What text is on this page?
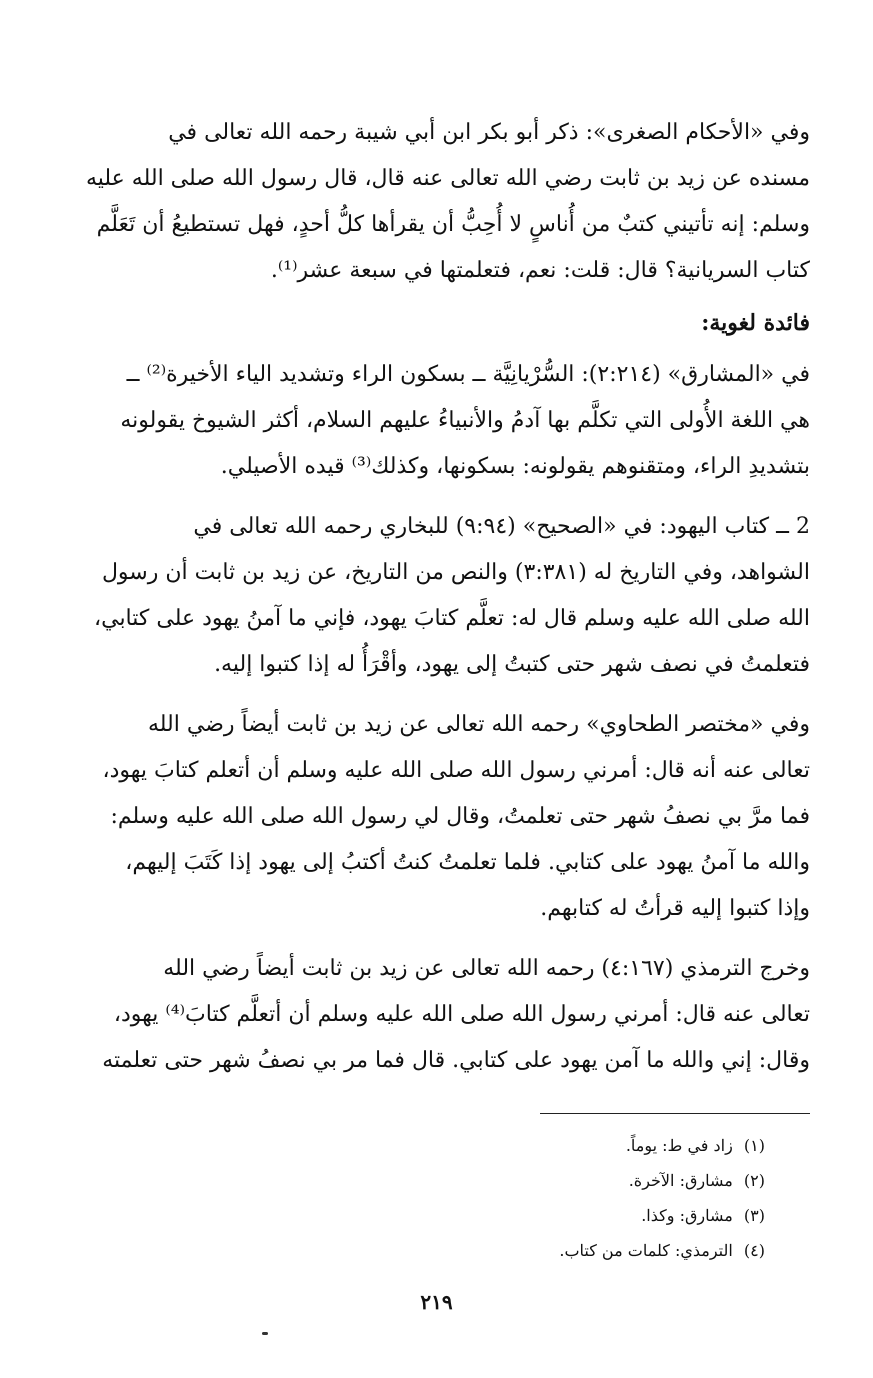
وفي «الأحكام الصغرى»: ذكر أبو بكر ابن أبي شيبة رحمه الله تعالى في
مسنده عن زيد بن ثابت رضي الله تعالى عنه قال، قال رسول الله صلى الله عليه
وسلم: إنه تأتيني كتبٌ من أُناسٍ لا أُحِبُّ أن يقرأها كلُّ أحدٍ، فهل تستطيعُ أن تَعَلَّم
كتاب السريانية؟ قال: قلت: نعم، فتعلمتها في سبعة عشر⁽¹⁾.
فائدة لغوية:
في «المشارق» (٢:٢١٤): السُّرْيانِيَّة ــ بسكون الراء وتشديد الياء الأخيرة⁽²⁾ ــ
هي اللغة الأُولى التي تكلَّم بها آدمُ والأنبياءُ عليهم السلام، أكثر الشيوخ يقولونه
بتشديدِ الراء، ومتقنوهم يقولونه: بسكونها، وكذلك⁽³⁾ قيده الأصيلي.
2 ــ كتاب اليهود: في «الصحيح» (٩:٩٤) للبخاري رحمه الله تعالى في
الشواهد، وفي التاريخ له (٣:٣٨١) والنص من التاريخ، عن زيد بن ثابت أن رسول
الله صلى الله عليه وسلم قال له: تعلَّم كتابَ يهود، فإني ما آمنُ يهود على كتابي،
فتعلمتُ في نصف شهر حتى كتبتُ إلى يهود، وأقْرَأُ له إذا كتبوا إليه.
وفي «مختصر الطحاوي» رحمه الله تعالى عن زيد بن ثابت أيضاً رضي الله
تعالى عنه أنه قال: أمرني رسول الله صلى الله عليه وسلم أن أتعلم كتابَ يهود،
فما مرَّ بي نصفُ شهر حتى تعلمتُ، وقال لي رسول الله صلى الله عليه وسلم:
والله ما آمنُ يهود على كتابي. فلما تعلمتُ كنتُ أكتبُ إلى يهود إذا كَتَبَ إليهم،
وإذا كتبوا إليه قرأتُ له كتابهم.
وخرج الترمذي (٤:١٦٧) رحمه الله تعالى عن زيد بن ثابت أيضاً رضي الله
تعالى عنه قال: أمرني رسول الله صلى الله عليه وسلم أن أتعلَّم كتابَ⁽⁴⁾ يهود،
وقال: إني والله ما آمن يهود على كتابي. قال فما مر بي نصفُ شهر حتى تعلمته
(١) زاد في ط: يوماً.
(٢) مشارق: الآخرة.
(٣) مشارق: وكذا.
(٤) الترمذي: كلمات من كتاب.
٢١٩
